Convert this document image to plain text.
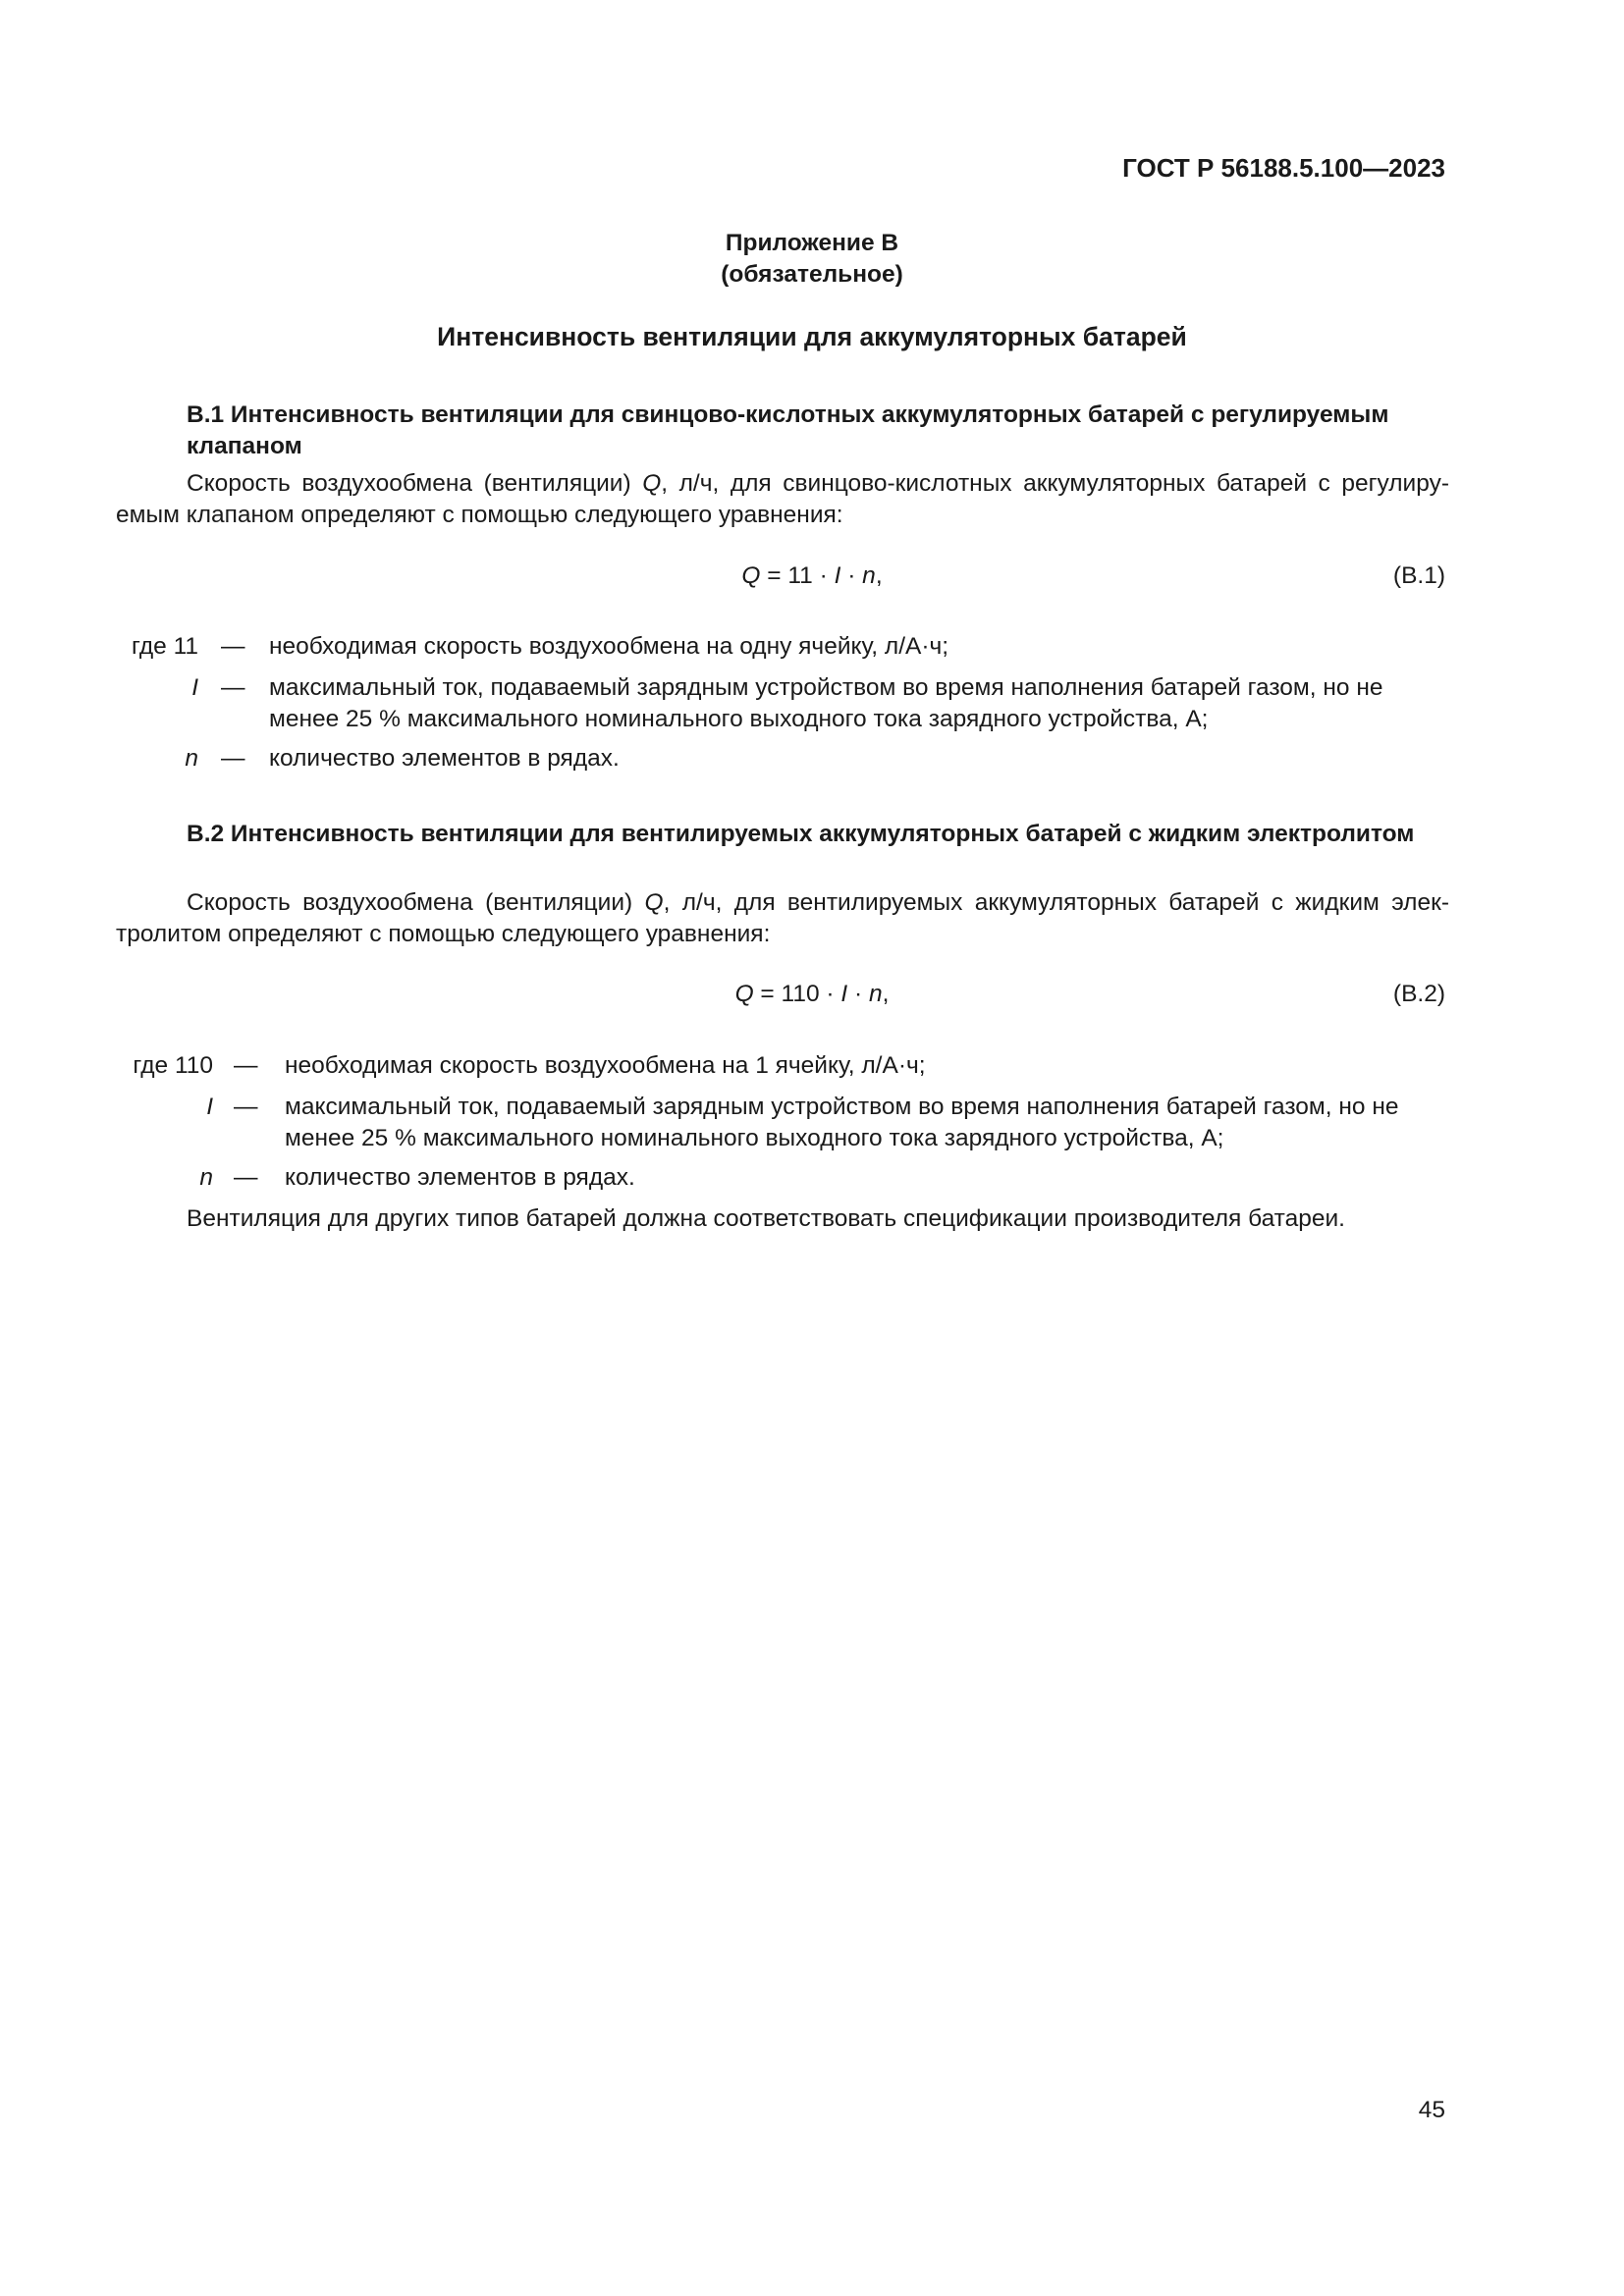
ГОСТ Р 56188.5.100—2023
Приложение В
(обязательное)
Интенсивность вентиляции для аккумуляторных батарей
В.1 Интенсивность вентиляции для свинцово-кислотных аккумуляторных батарей с регулируемым клапаном
Скорость воздухообмена (вентиляции) Q, л/ч, для свинцово-кислотных аккумуляторных батарей с регулируемым клапаном определяют с помощью следующего уравнения:
Q = 11 · I · n,	(В.1)
где 11 — необходимая скорость воздухообмена на одну ячейку, л/А·ч;
I — максимальный ток, подаваемый зарядным устройством во время наполнения батарей газом, но не менее 25 % максимального номинального выходного тока зарядного устройства, А;
n — количество элементов в рядах.
В.2 Интенсивность вентиляции для вентилируемых аккумуляторных батарей с жидким электролитом
Скорость воздухообмена (вентиляции) Q, л/ч, для вентилируемых аккумуляторных батарей с жидким электролитом определяют с помощью следующего уравнения:
Q = 110 · I · n,	(В.2)
где 110 — необходимая скорость воздухообмена на 1 ячейку, л/А·ч;
I — максимальный ток, подаваемый зарядным устройством во время наполнения батарей газом, но не менее 25 % максимального номинального выходного тока зарядного устройства, А;
n — количество элементов в рядах.
Вентиляция для других типов батарей должна соответствовать спецификации производителя батареи.
45
